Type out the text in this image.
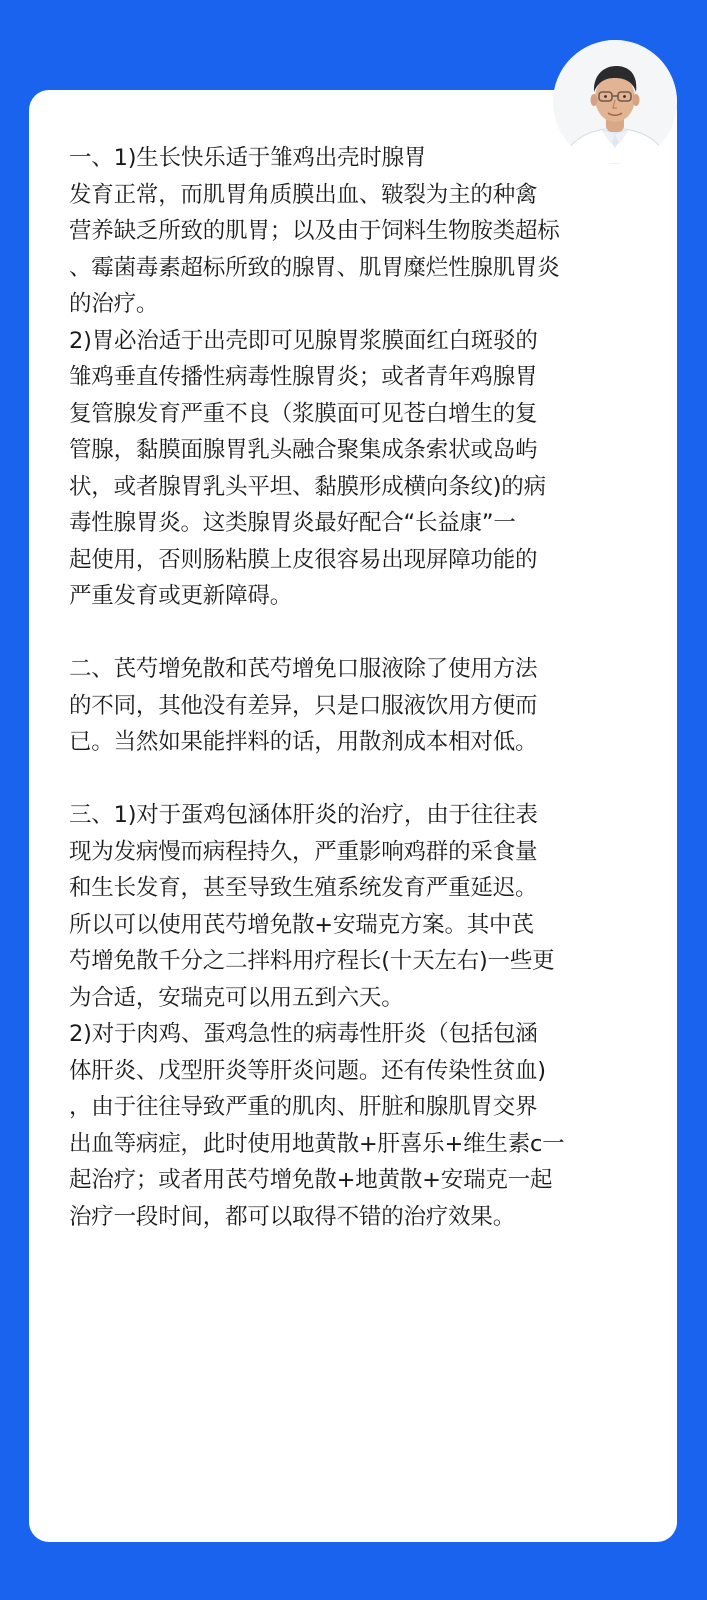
一、1)生长快乐适于雏鸡出壳时腺胃
发育正常，而肌胃角质膜出血、皲裂为主的种禽
营养缺乏所致的肌胃；以及由于饲料生物胺类超标
、霉菌毒素超标所致的腺胃、肌胃糜烂性腺肌胃炎
的治疗。
2)胃必治适于出壳即可见腺胃浆膜面红白斑驳的
雏鸡垂直传播性病毒性腺胃炎；或者青年鸡腺胃
复管腺发育严重不良（浆膜面可见苍白增生的复
管腺，黏膜面腺胃乳头融合聚集成条索状或岛屿
状，或者腺胃乳头平坦、黏膜形成横向条纹)的病
毒性腺胃炎。这类腺胃炎最好配合“长益康”一
起使用，否则肠粘膜上皮很容易出现屏障功能的
严重发育或更新障碍。

二、芪芍增免散和芪芍增免口服液除了使用方法
的不同，其他没有差异，只是口服液饮用方便而
已。当然如果能拌料的话，用散剂成本相对低。

三、1)对于蛋鸡包涵体肝炎的治疗，由于往往表
现为发病慢而病程持久，严重影响鸡群的采食量
和生长发育，甚至导致生殖系统发育严重延迟。
所以可以使用芪芍增免散+安瑞克方案。其中芪
芍增免散千分之二拌料用疗程长(十天左右)一些更
为合适，安瑞克可以用五到六天。
2)对于肉鸡、蛋鸡急性的病毒性肝炎（包括包涵
体肝炎、戊型肝炎等肝炎问题。还有传染性贫血)
，由于往往导致严重的肌肉、肝脏和腺肌胃交界
出血等病症，此时使用地黄散+肝喜乐+维生素c一
起治疗；或者用芪芍增免散+地黄散+安瑞克一起
治疗一段时间，都可以取得不错的治疗效果。
